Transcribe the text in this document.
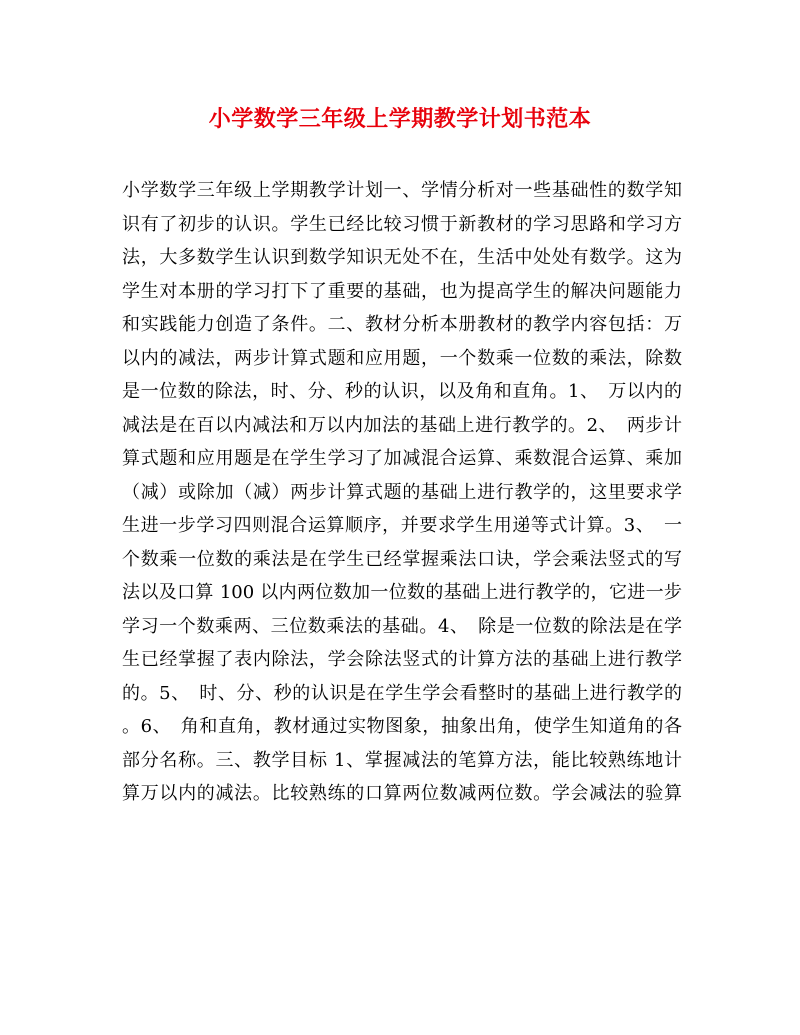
小学数学三年级上学期教学计划书范本
小学数学三年级上学期教学计划一、学情分析对一些基础性的数学知
识有了初步的认识。学生已经比较习惯于新教材的学习思路和学习方
法，大多数学生认识到数学知识无处不在，生活中处处有数学。这为
学生对本册的学习打下了重要的基础，也为提高学生的解决问题能力
和实践能力创造了条件。二、教材分析本册教材的教学内容包括：万
以内的减法，两步计算式题和应用题，一个数乘一位数的乘法，除数
是一位数的除法，时、分、秒的认识，以及角和直角。1、　万以内的
减法是在百以内减法和万以内加法的基础上进行教学的。2、　两步计
算式题和应用题是在学生学习了加减混合运算、乘数混合运算、乘加
（减）或除加（减）两步计算式题的基础上进行教学的，这里要求学
生进一步学习四则混合运算顺序，并要求学生用递等式计算。3、　一
个数乘一位数的乘法是在学生已经掌握乘法口诀，学会乘法竖式的写
法以及口算 100 以内两位数加一位数的基础上进行教学的，它进一步
学习一个数乘两、三位数乘法的基础。4、　除是一位数的除法是在学
生已经掌握了表内除法，学会除法竖式的计算方法的基础上进行教学
的。5、　时、分、秒的认识是在学生学会看整时的基础上进行教学的
。6、　角和直角，教材通过实物图象，抽象出角，使学生知道角的各
部分名称。三、教学目标 1、掌握减法的笔算方法，能比较熟练地计
算万以内的减法。比较熟练的口算两位数减两位数。学会减法的验算
